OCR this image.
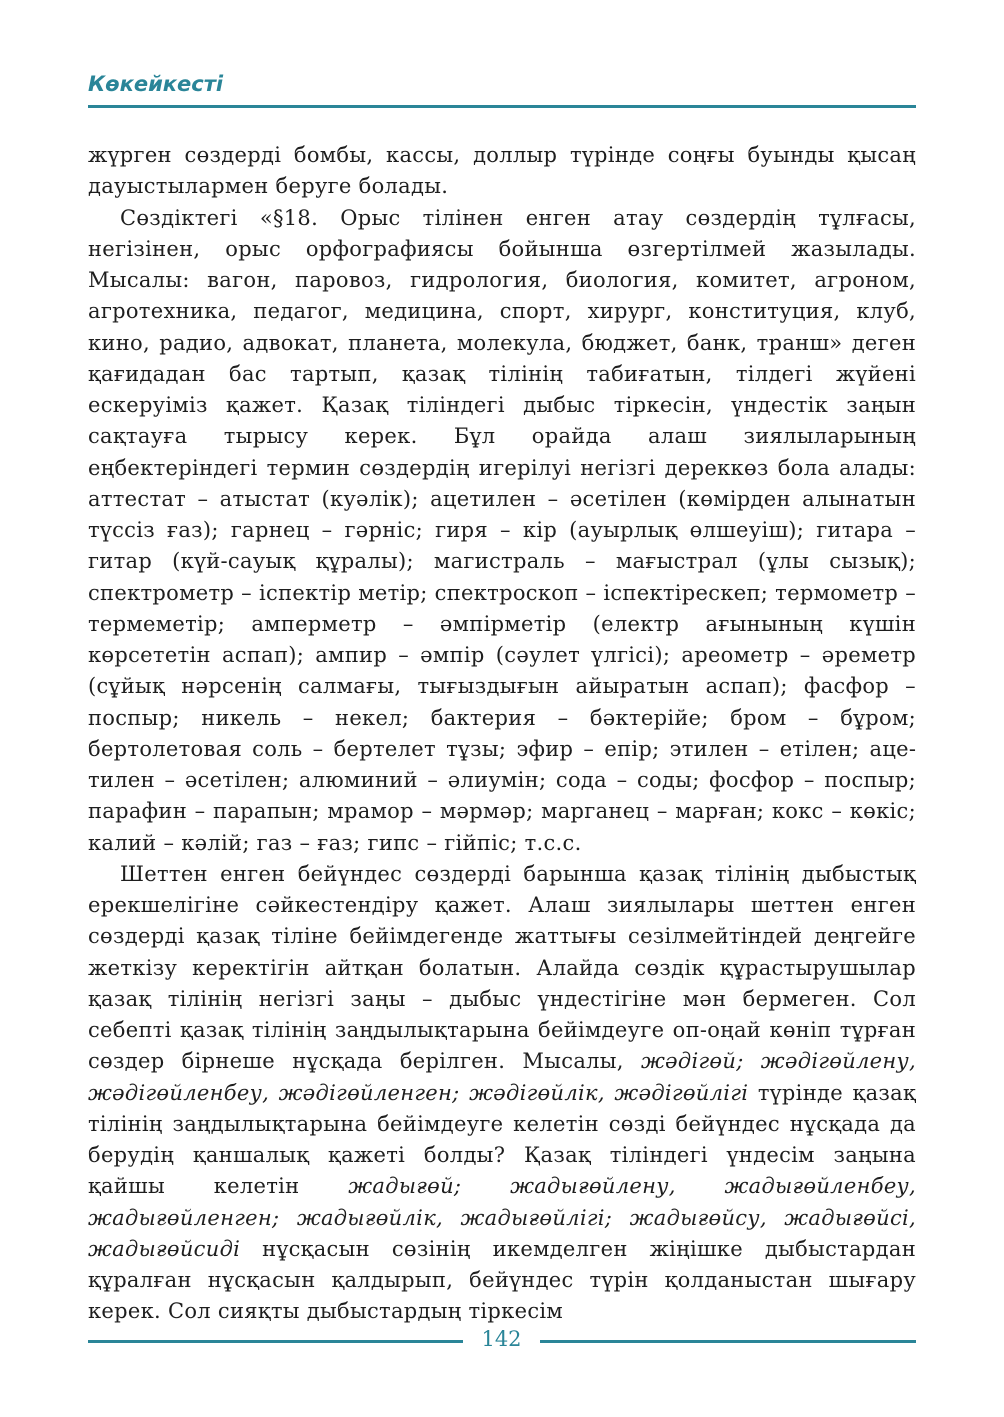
Көкейкесті

жүрген сөздерді бомбы, кассы, доллыр түрінде соңғы буынды қысаң дауыстылармен беруге болады.

Сөздіктегі «§18. Орыс тілінен енген атау сөздердің тұлғасы, негізінен, орыс орфографиясы бойынша өзгертілмей жазылады. Мысалы: вагон, паровоз, гидрология, биология, комитет, агроном, агротехника, педагог, медицина, спорт, хирург, конституция, клуб, кино, радио, адвокат, планета, молекула, бюджет, банк, транш» деген қағидадан бас тартып, қазақ тілінің табиғатын, тілдегі жүйені ескеруіміз қажет. Қазақ тіліндегі дыбыс тіркесін, үндестік заңын сақтауға тырысу керек. Бұл орайда алаш зиялыларының еңбектеріндегі термин сөздердің игерілуі негізгі дереккөз бола алады: аттестат – атыстат (куәлік); ацетилен – әсетілен (көмірден алынатын түссіз ғаз); гарнец – гәрніс; гиря – кір (ауырлық өлшеуіш); гитара – гитар (күй-сауық құралы); магистраль – мағыстрал (ұлы сызық); спектрометр – іспектір метір; спектроскоп – іспектірескеп; термометр – термеметір; амперметр – әмпірметір (електр ағынының күшін көрсететін аспап); ампир – әмпір (сәулет үлгісі); ареометр – әреметр (сұйық нәрсенің салмағы, тығыздығын айыратын аспап); фасфор – поспыр; никель – некел; бактерия – бәктерійе; бром – бұром; бертолетовая соль – бертелет тұзы; эфир – епір; этилен – етілен; ацетилен – әсетілен; алюминий – әлиумін; сода – соды; фосфор – поспыр; парафин – парапын; мрамор – мәрмәр; марганец – марған; кокс – көкіс; калий – кәлій; газ – ғаз; гипс – гійпіс; т.с.с.

Шеттен енген бейүндес сөздерді барынша қазақ тілінің дыбыстық ерекшелігіне сәйкестендіру қажет. Алаш зиялылары шеттен енген сөздерді қазақ тіліне бейімдегенде жаттығы сезілмейтіндей деңгейге жеткізу керектігін айтқан болатын. Алайда сөздік құрастырушылар қазақ тілінің негізгі заңы – дыбыс үндестігіне мән бермеген. Сол себепті қазақ тілінің заңдылықтарына бейімдеуге оп-оңай көніп тұрған сөздер бірнеше нұсқада берілген. Мысалы, жәдігөй; жәдігөйлену, жәдігөйленбеу, жәдігөйленген; жәдігөйлік, жәдігөйлігі түрінде қазақ тілінің заңдылықтарына бейімдеуге келетін сөзді бейүндес нұсқада да берудің қаншалық қажеті болды? Қазақ тіліндегі үндесім заңына қайшы келетін жадығөй; жадығөйлену, жадығөйленбеу, жадығөйленген; жадығөйлік, жадығөйлігі; жадығөйсу, жадығөйсі, жадығөйсиді нұсқасын сөзінің икемделген жіңішке дыбыстардан құралған нұсқасын қалдырып, бейүндес түрін қолданыстан шығару керек. Сол сияқты дыбыстардың тіркесім

142
